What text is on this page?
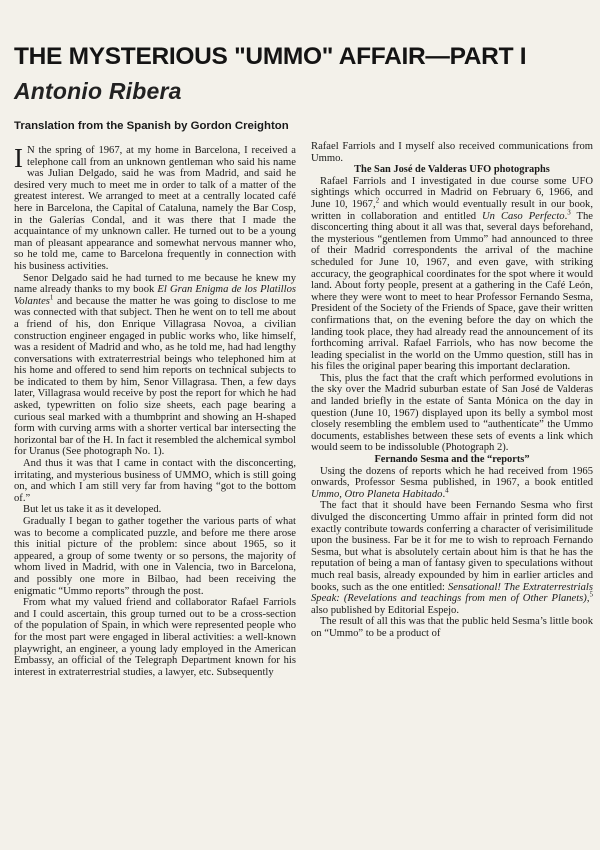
THE MYSTERIOUS "UMMO" AFFAIR—PART I
Antonio Ribera
Translation from the Spanish by Gordon Creighton

I N the spring of 1967, at my home in Barcelona, I received a telephone call from an unknown gentleman who said his name was Julian Delgado, said he was from Madrid, and said he desired very much to meet me in order to talk of a matter of the greatest interest. We arranged to meet at a centrally located café here in Barcelona, the Capital of Cataluna, namely the Bar Cosp, in the Galerías Condal, and it was there that I made the acquaintance of my unknown caller. He turned out to be a young man of pleasant appearance and somewhat nervous manner who, so he told me, came to Barcelona frequently in connection with his business activities.

Senor Delgado said he had turned to me because he knew my name already thanks to my book El Gran Enigma de los Platillos Volantes$^1$ and because the matter he was going to disclose to me was connected with that subject. Then he went on to tell me about a friend of his, don Enrique Villagrasa Novoa, a civilian construction engineer engaged in public works who, like himself, was a resident of Madrid and who, as he told me, had had lengthy conversations with extraterrestrial beings who telephoned him at his home and offered to send him reports on technical subjects to be indicated to them by him, Senor Villagrasa. Then, a few days later, Villagrasa would receive by post the report for which he had asked, typewritten on folio size sheets, each page bearing a curious seal marked with a thumbprint and showing an H-shaped form with curving arms with a shorter vertical bar intersecting the horizontal bar of the H. In fact it resembled the alchemical symbol for Uranus (See photograph No. 1).

And thus it was that I came in contact with the disconcerting, irritating, and mysterious business of UMMO, which is still going on, and which I am still very far from having “got to the bottom of.”

But let us take it as it developed.

Gradually I began to gather together the various parts of what was to become a complicated puzzle, and before me there arose this initial picture of the problem: since about 1965, so it appeared, a group of some twenty or so persons, the majority of whom lived in Madrid, with one in Valencia, two in Barcelona, and possibly one more in Bilbao, had been receiving the enigmatic “Ummo reports” through the post.

From what my valued friend and collaborator Rafael Farriols and I could ascertain, this group turned out to be a cross-section of the population of Spain, in which were represented people who for the most part were engaged in liberal activities: a well-known playwright, an engineer, a young lady employed in the American Embassy, an official of the Telegraph Department known for his interest in extraterrestrial studies, a lawyer, etc. Subsequently

Rafael Farriols and I myself also received communications from Ummo.

The San José de Valderas UFO photographs

Rafael Farriols and I investigated in due course some UFO sightings which occurred in Madrid on February 6, 1966, and June 10, 1967,$^2$ and which would eventually result in our book, written in collaboration and entitled Un Caso Perfecto.$^3$ The disconcerting thing about it all was that, several days beforehand, the mysterious “gentlemen from Ummo” had announced to three of their Madrid correspondents the arrival of the machine scheduled for June 10, 1967, and even gave, with striking accuracy, the geographical coordinates for the spot where it would land. About forty people, present at a gathering in the Café León, where they were wont to meet to hear Professor Fernando Sesma, President of the Society of the Friends of Space, gave their written confirmations that, on the evening before the day on which the landing took place, they had already read the announcement of its forthcoming arrival. Rafael Farriols, who has now become the leading specialist in the world on the Ummo question, still has in his files the original paper bearing this important declaration.

This, plus the fact that the craft which performed evolutions in the sky over the Madrid suburban estate of San José de Valderas and landed briefly in the estate of Santa Mónica on the day in question (June 10, 1967) displayed upon its belly a symbol most closely resembling the emblem used to “authenticate” the Ummo documents, establishes between these sets of events a link which would seem to be indissoluble (Photograph 2).

Fernando Sesma and the “reports”

Using the dozens of reports which he had received from 1965 onwards, Professor Sesma published, in 1967, a book entitled Ummo, Otro Planeta Habitado.$^4$

The fact that it should have been Fernando Sesma who first divulged the disconcerting Ummo affair in printed form did not exactly contribute towards conferring a character of verisimilitude upon the business. Far be it for me to wish to reproach Fernando Sesma, but what is absolutely certain about him is that he has the reputation of being a man of fantasy given to speculations without much real basis, already expounded by him in earlier articles and books, such as the one entitled: Sensational! The Extraterrestrials Speak: (Revelations and teachings from men of Other Planets),$^5$ also published by Editorial Espejo.

The result of all this was that the public held Sesma’s little book on “Ummo” to be a product of
